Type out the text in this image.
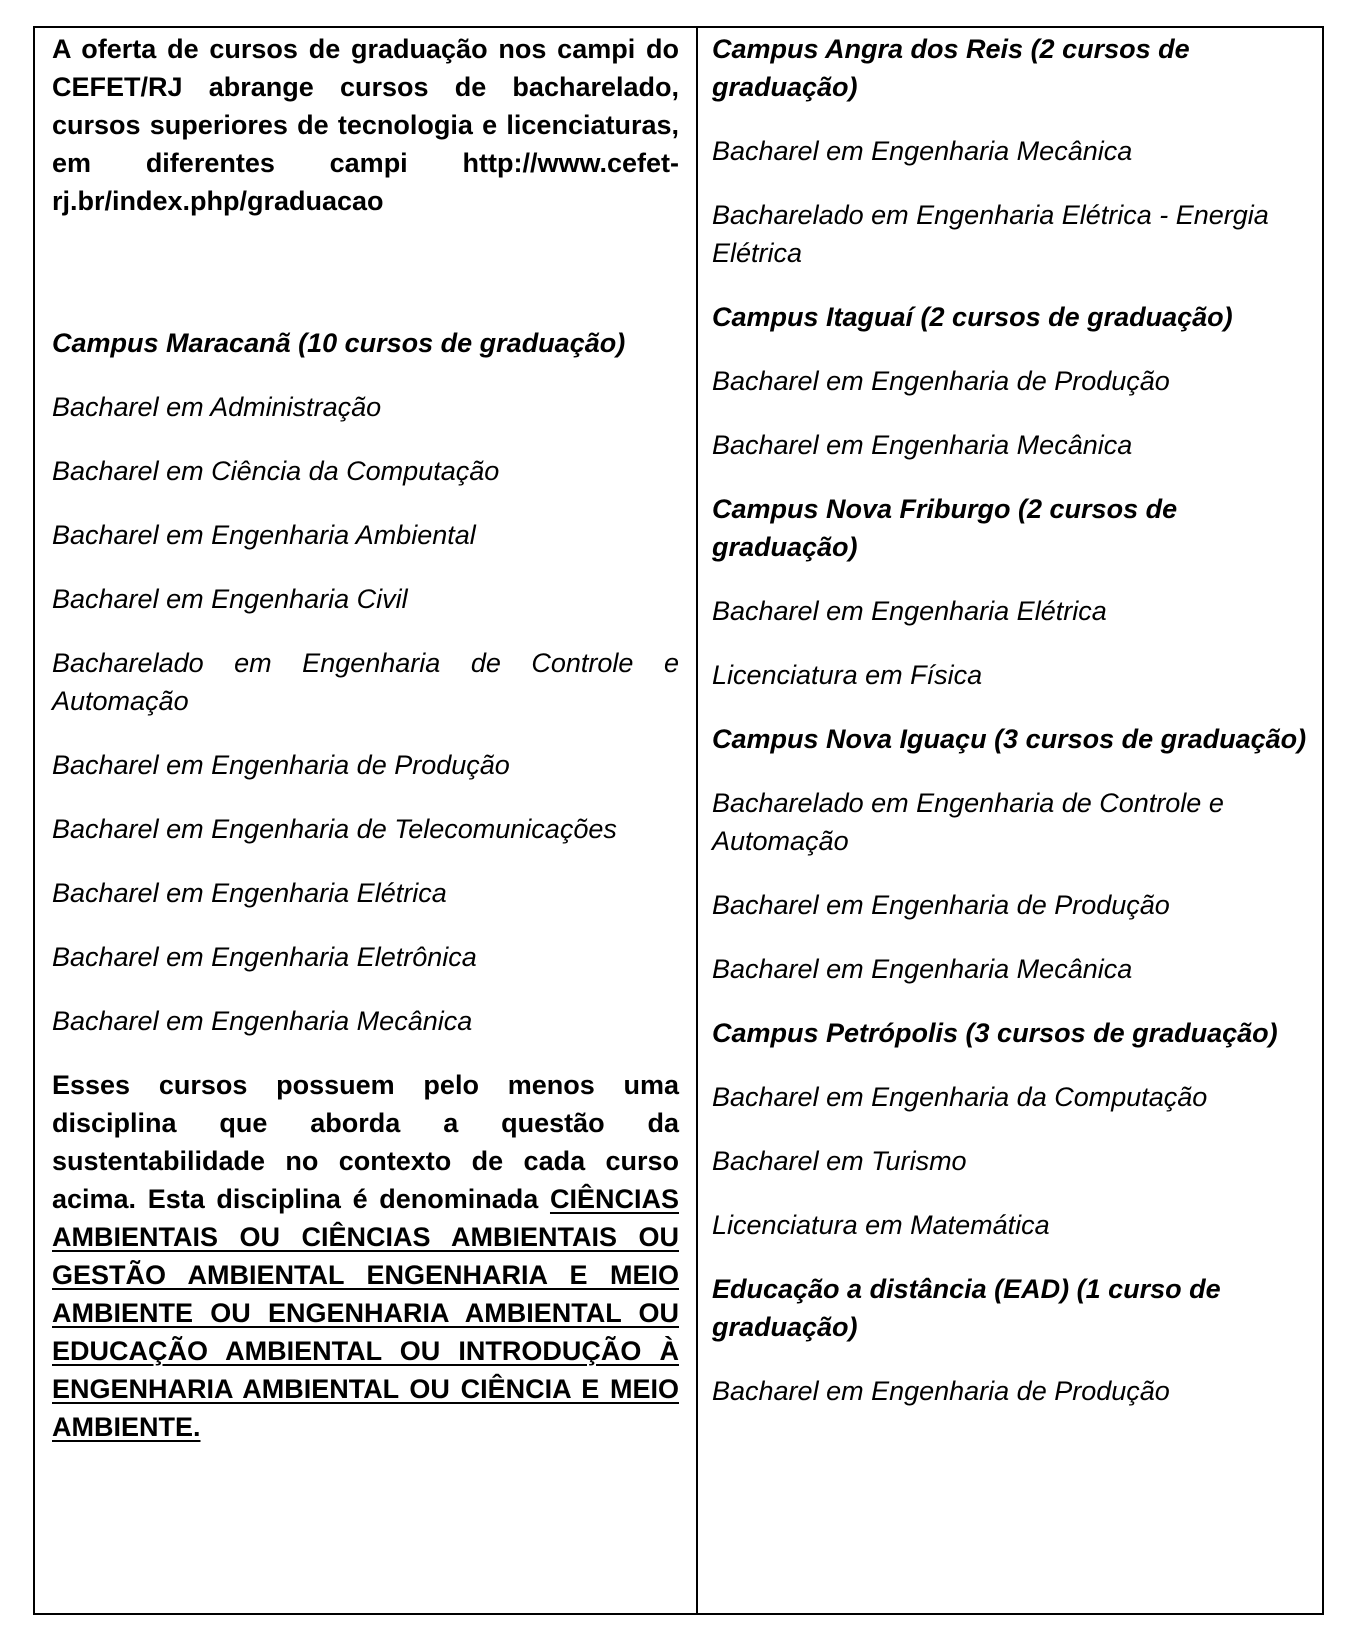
A oferta de cursos de graduação nos campi do CEFET/RJ abrange cursos de bacharelado, cursos superiores de tecnologia e licenciaturas, em diferentes campi http://www.cefet-rj.br/index.php/graduacao

Campus Maracanã (10 cursos de graduação)

Bacharel em Administração

Bacharel em Ciência da Computação

Bacharel em Engenharia Ambiental

Bacharel em Engenharia Civil

Bacharelado em Engenharia de Controle e Automação

Bacharel em Engenharia de Produção

Bacharel em Engenharia de Telecomunicações

Bacharel em Engenharia Elétrica

Bacharel em Engenharia Eletrônica

Bacharel em Engenharia Mecânica

Esses cursos possuem pelo menos uma disciplina que aborda a questão da sustentabilidade no contexto de cada curso acima. Esta disciplina é denominada CIÊNCIAS AMBIENTAIS OU CIÊNCIAS AMBIENTAIS OU GESTÃO AMBIENTAL ENGENHARIA E MEIO AMBIENTE OU ENGENHARIA AMBIENTAL OU EDUCAÇÃO AMBIENTAL OU INTRODUÇÃO À ENGENHARIA AMBIENTAL OU CIÊNCIA E MEIO AMBIENTE.

Campus Angra dos Reis (2 cursos de graduação)

Bacharel em Engenharia Mecânica

Bacharelado em Engenharia Elétrica - Energia Elétrica

Campus Itaguaí (2 cursos de graduação)

Bacharel em Engenharia de Produção

Bacharel em Engenharia Mecânica

Campus Nova Friburgo (2 cursos de graduação)

Bacharel em Engenharia Elétrica

Licenciatura em Física

Campus Nova Iguaçu (3 cursos de graduação)

Bacharelado em Engenharia de Controle e Automação

Bacharel em Engenharia de Produção

Bacharel em Engenharia Mecânica

Campus Petrópolis (3 cursos de graduação)

Bacharel em Engenharia da Computação

Bacharel em Turismo

Licenciatura em Matemática

Educação a distância (EAD) (1 curso de graduação)

Bacharel em Engenharia de Produção
